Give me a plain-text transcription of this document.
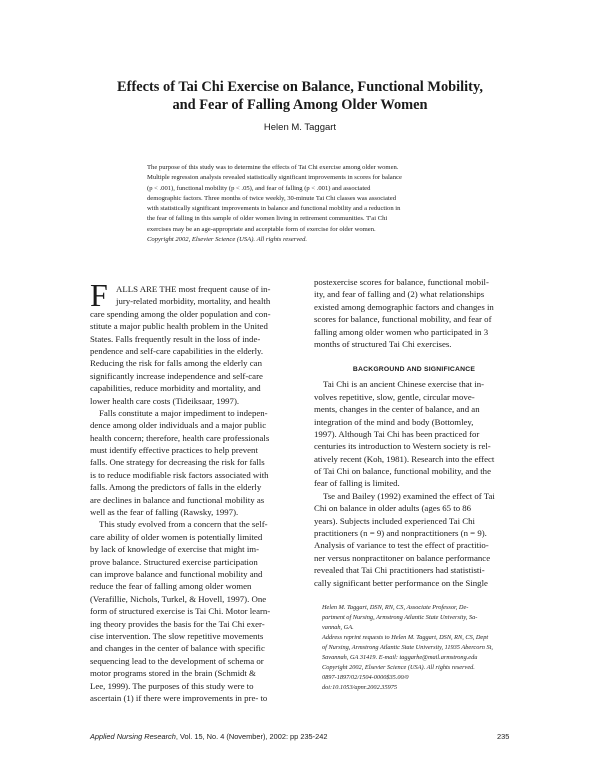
Effects of Tai Chi Exercise on Balance, Functional Mobility,
and Fear of Falling Among Older Women
Helen M. Taggart
The purpose of this study was to determine the effects of Tai Chi exercise among older women.
Multiple regression analysis revealed statistically significant improvements in scores for balance
(p < .001), functional mobility (p < .05), and fear of falling (p < .001) and associated
demographic factors. Three months of twice weekly, 30-minute Tai Chi classes was associated
with statistically significant improvements in balance and functional mobility and a reduction in
the fear of falling in this sample of older women living in retirement communities. T'ai Chi
exercises may be an age-appropriate and acceptable form of exercise for older women.
Copyright 2002, Elsevier Science (USA). All rights reserved.
F ALLS ARE THE most frequent cause of in-
jury-related morbidity, mortality, and health
care spending among the older population and con-
stitute a major public health problem in the United
States. Falls frequently result in the loss of inde-
pendence and self-care capabilities in the elderly.
Reducing the risk for falls among the elderly can
significantly increase independence and self-care
capabilities, reduce morbidity and mortality, and
lower health care costs (Tideiksaar, 1997).
Falls constitute a major impediment to indepen-
dence among older individuals and a major public
health concern; therefore, health care professionals
must identify effective practices to help prevent
falls. One strategy for decreasing the risk for falls
is to reduce modifiable risk factors associated with
falls. Among the predictors of falls in the elderly
are declines in balance and functional mobility as
well as the fear of falling (Rawsky, 1997).
This study evolved from a concern that the self-
care ability of older women is potentially limited
by lack of knowledge of exercise that might im-
prove balance. Structured exercise participation
can improve balance and functional mobility and
reduce the fear of falling among older women
(Verafillie, Nichols, Turkel, & Hovell, 1997). One
form of structured exercise is Tai Chi. Motor learn-
ing theory provides the basis for the Tai Chi exer-
cise intervention. The slow repetitive movements
and changes in the center of balance with specific
sequencing lead to the development of schema or
motor programs stored in the brain (Schmidt &
Lee, 1999). The purposes of this study were to
ascertain (1) if there were improvements in pre- to
postexercise scores for balance, functional mobil-
ity, and fear of falling and (2) what relationships
existed among demographic factors and changes in
scores for balance, functional mobility, and fear of
falling among older women who participated in 3
months of structured Tai Chi exercises.
Tai Chi is an ancient Chinese exercise that in-
volves repetitive, slow, gentle, circular move-
ments, changes in the center of balance, and an
integration of the mind and body (Bottomley,
1997). Although Tai Chi has been practiced for
centuries its introduction to Western society is rel-
atively recent (Koh, 1981). Research into the effect
of Tai Chi on balance, functional mobility, and the
fear of falling is limited.
Tse and Bailey (1992) examined the effect of Tai
Chi on balance in older adults (ages 65 to 86
years). Subjects included experienced Tai Chi
practitioners (n = 9) and nonpractitioners (n = 9).
Analysis of variance to test the effect of practitio-
ner versus nonpractitoner on balance performance
revealed that Tai Chi practitioners had statististi-
cally significant better performance on the Single
BACKGROUND AND SIGNIFICANCE
Helen M. Taggart, DSN, RN, CS, Associate Professor, De-
partment of Nursing, Armstrong Atlantic State University, Sa-
vannah, GA.
Address reprint requests to Helen M. Taggart, DSN, RN, CS, Dept
of Nursing, Armstrong Atlantic State University, 11935 Abercorn St,
Savannah, GA 31419. E-mail: taggarhe@mail.armstrong.edu
Copyright 2002, Elsevier Science (USA). All rights reserved.
0897-1897/02/1504-0000$35.00/0
doi:10.1053/apnr.2002.35975
Applied Nursing Research, Vol. 15, No. 4 (November), 2002: pp 235-242	235
